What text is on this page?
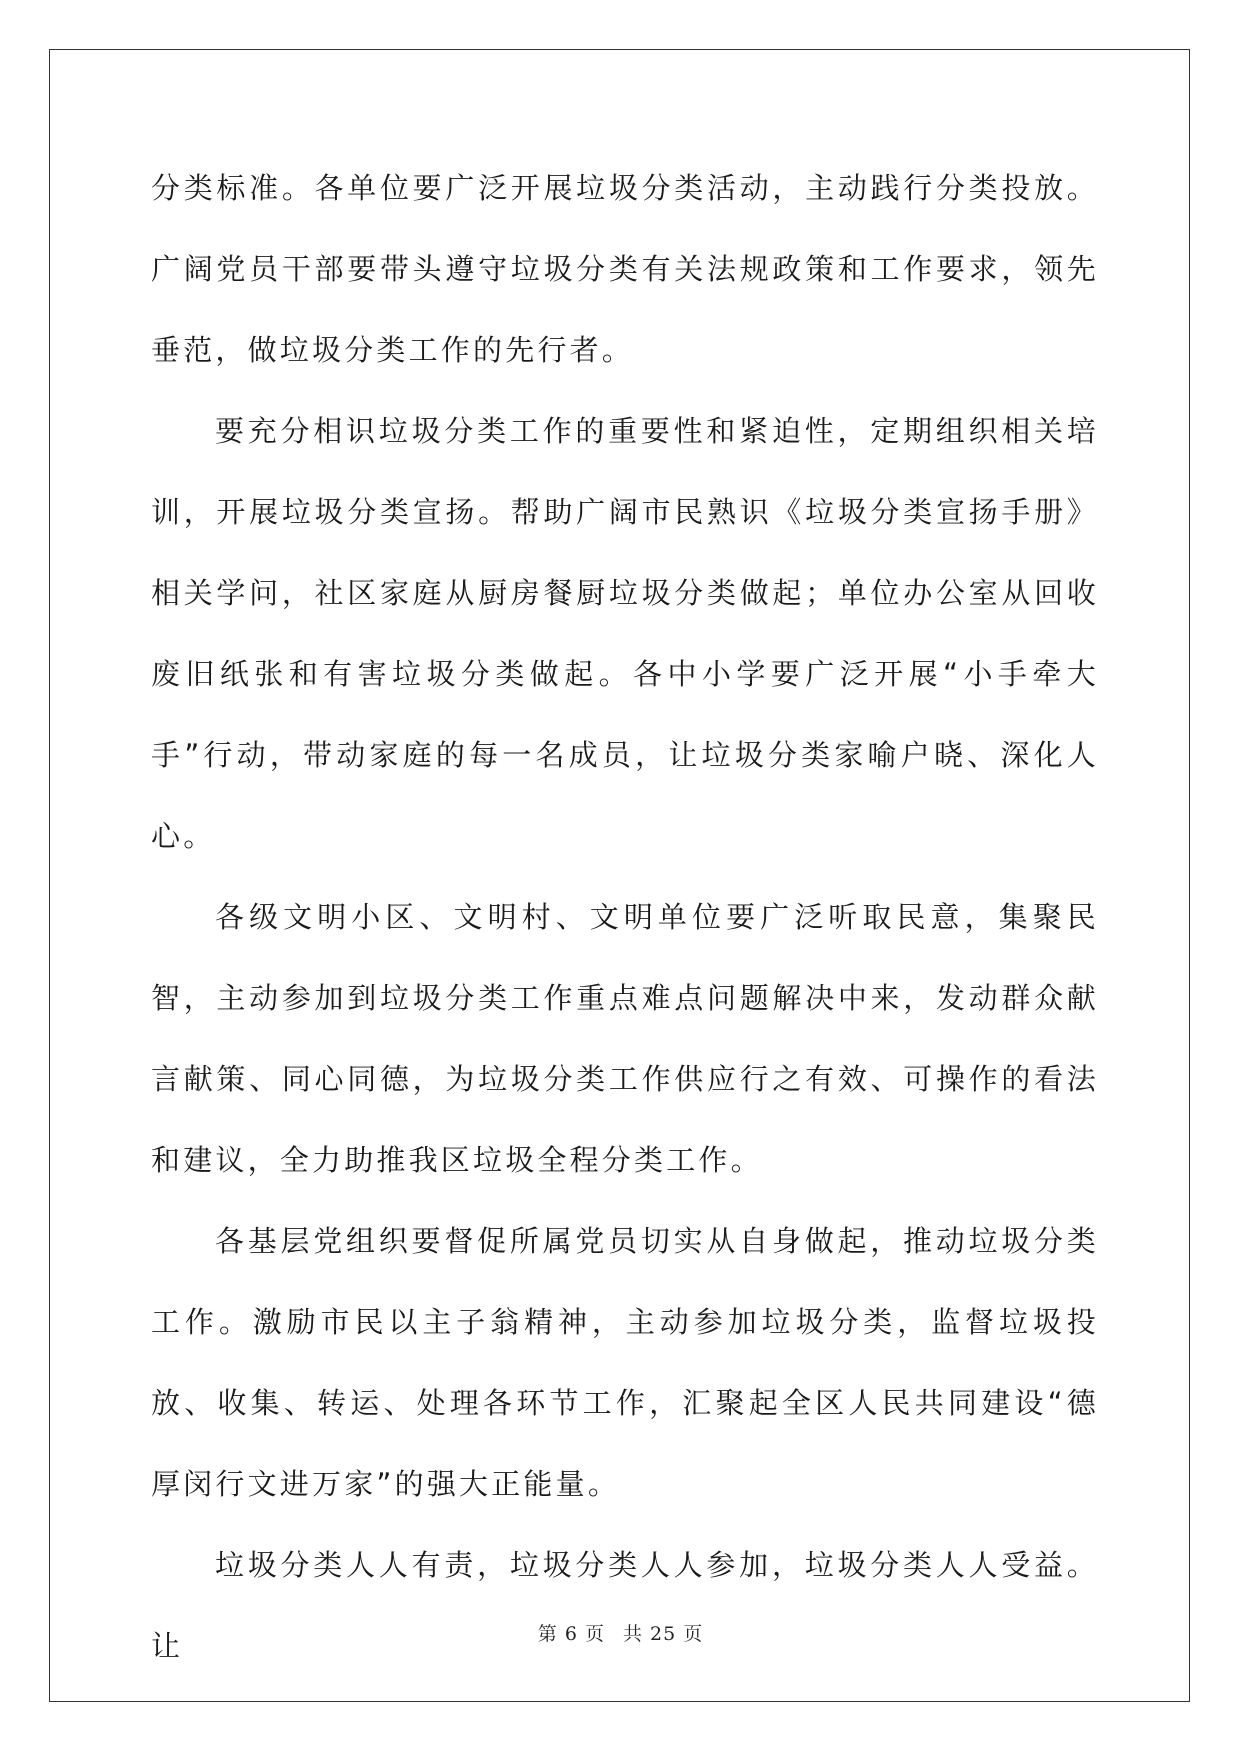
分类标准。各单位要广泛开展垃圾分类活动，主动践行分类投放。广阔党员干部要带头遵守垃圾分类有关法规政策和工作要求，领先垂范，做垃圾分类工作的先行者。

要充分相识垃圾分类工作的重要性和紧迫性，定期组织相关培训，开展垃圾分类宣扬。帮助广阔市民熟识《垃圾分类宣扬手册》相关学问，社区家庭从厨房餐厨垃圾分类做起；单位办公室从回收废旧纸张和有害垃圾分类做起。各中小学要广泛开展“小手牵大手”行动，带动家庭的每一名成员，让垃圾分类家喻户晓、深化人心。

各级文明小区、文明村、文明单位要广泛听取民意，集聚民智，主动参加到垃圾分类工作重点难点问题解决中来，发动群众献言献策、同心同德，为垃圾分类工作供应行之有效、可操作的看法和建议，全力助推我区垃圾全程分类工作。

各基层党组织要督促所属党员切实从自身做起，推动垃圾分类工作。激励市民以主子翁精神，主动参加垃圾分类，监督垃圾投放、收集、转运、处理各环节工作，汇聚起全区人民共同建设“德厚闵行文进万家”的强大正能量。

垃圾分类人人有责，垃圾分类人人参加，垃圾分类人人受益。让	第 6 页 共 25 页
